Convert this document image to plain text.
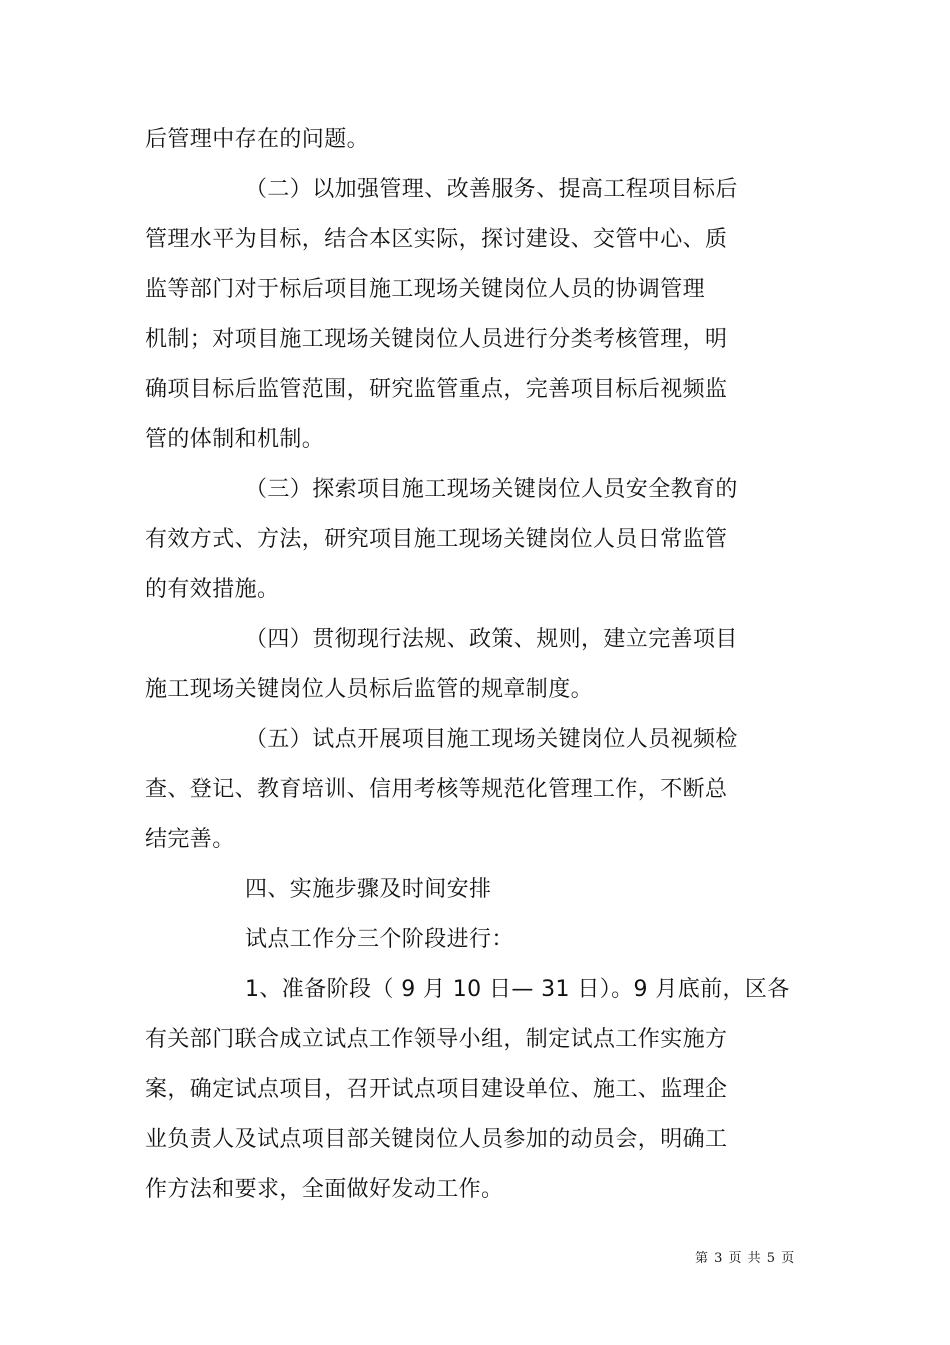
后管理中存在的问题。
（二）以加强管理、改善服务、提高工程项目标后
管理水平为目标，结合本区实际，探讨建设、交管中心、质
监等部门对于标后项目施工现场关键岗位人员的协调管理
机制；对项目施工现场关键岗位人员进行分类考核管理，明
确项目标后监管范围，研究监管重点，完善项目标后视频监
管的体制和机制。
（三）探索项目施工现场关键岗位人员安全教育的
有效方式、方法，研究项目施工现场关键岗位人员日常监管
的有效措施。
（四）贯彻现行法规、政策、规则，建立完善项目
施工现场关键岗位人员标后监管的规章制度。
（五）试点开展项目施工现场关键岗位人员视频检
查、登记、教育培训、信用考核等规范化管理工作，不断总
结完善。
四、实施步骤及时间安排
试点工作分三个阶段进行：
1、准备阶段（ 9 月 10 日— 31 日）。9 月底前，区各
有关部门联合成立试点工作领导小组，制定试点工作实施方
案，确定试点项目，召开试点项目建设单位、施工、监理企
业负责人及试点项目部关键岗位人员参加的动员会，明确工
作方法和要求，全面做好发动工作。
第 3 页 共 5 页
